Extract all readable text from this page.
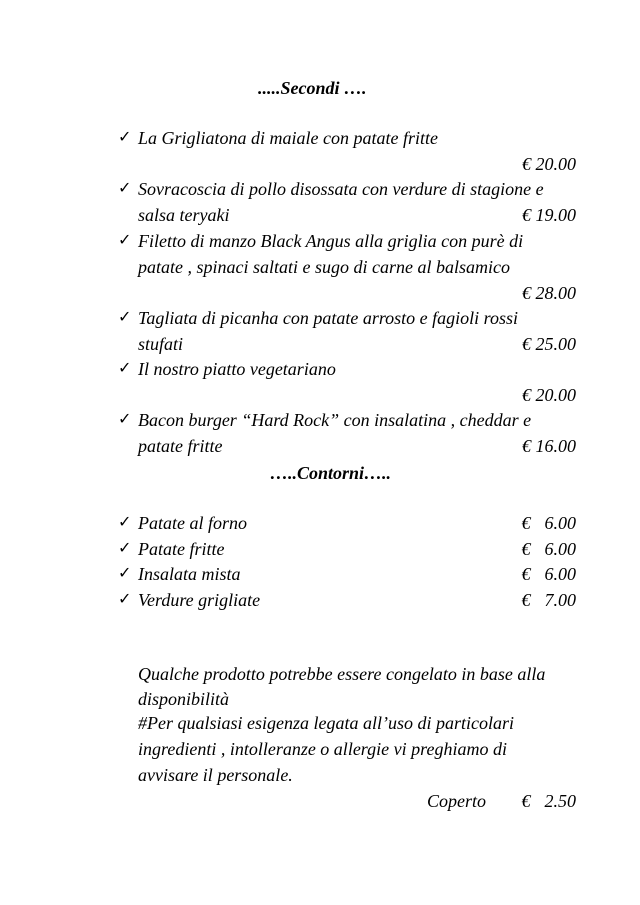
.....Secondi ….
✓ La Grigliatona di maiale con patate fritte
€ 20.00
✓ Sovracoscia di pollo disossata con verdure di stagione e
salsa teryaki	€ 19.00
✓ Filetto di manzo Black Angus alla griglia con purè di
patate , spinaci saltati e sugo di carne al balsamico
€ 28.00
✓ Tagliata di picanha con patate arrosto e fagioli rossi
stufati	€ 25.00
✓ Il nostro piatto vegetariano
€ 20.00
✓ Bacon burger “Hard Rock” con insalatina , cheddar e
patate fritte	€ 16.00
…..Contorni…..
✓ Patate al forno	€ 6.00
✓ Patate fritte	€ 6.00
✓ Insalata mista	€ 6.00
✓ Verdure grigliate	€ 7.00
Qualche prodotto potrebbe essere congelato in base alla
disponibilità
#Per qualsiasi esigenza legata all’uso di particolari
ingredienti , intolleranze o allergie vi preghiamo di
avvisare il personale.
Coperto € 2.50
